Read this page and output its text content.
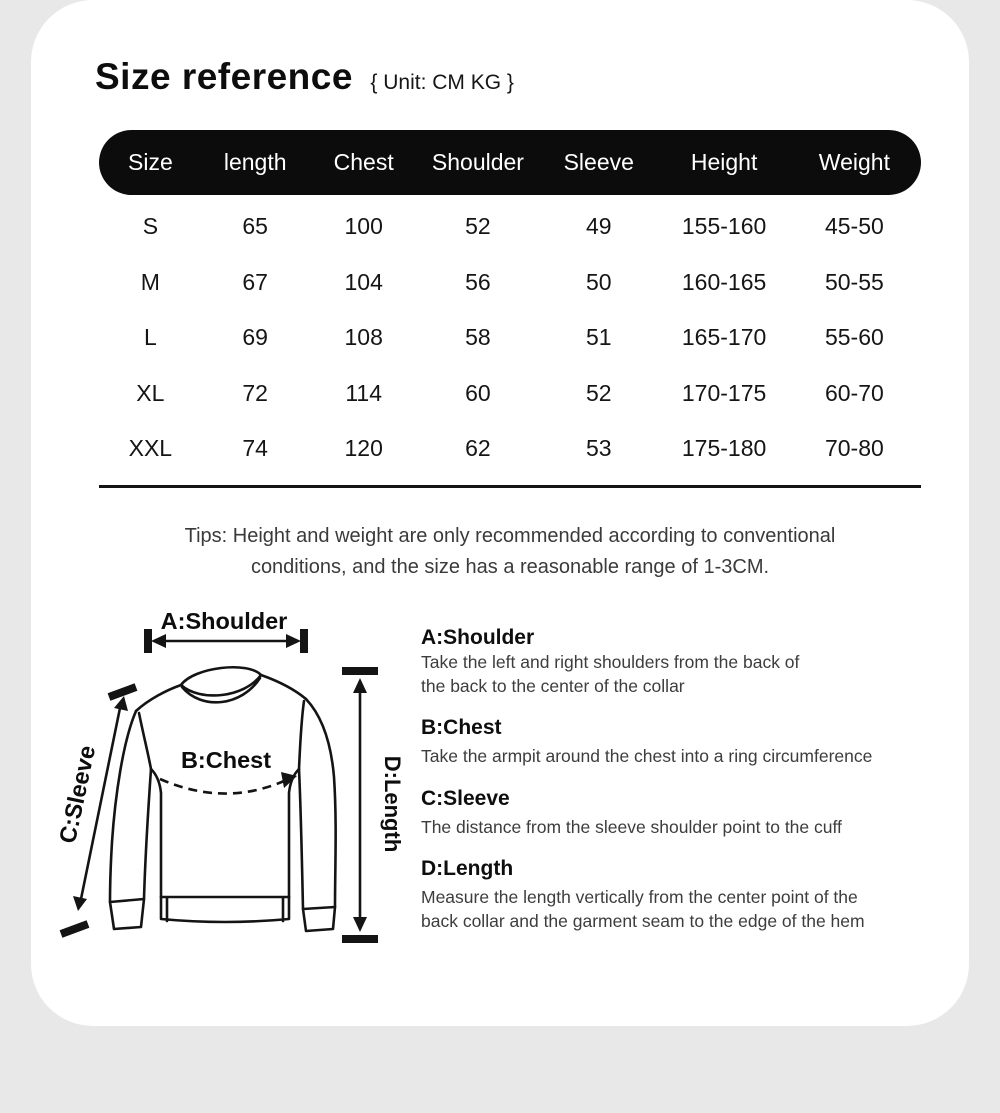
Size reference { Unit: CM KG }
Size	length	Chest	Shoulder	Sleeve	Height	Weight
S	65	100	52	49	155-160	45-50
M	67	104	56	50	160-165	50-55
L	69	108	58	51	165-170	55-60
XL	72	114	60	52	170-175	60-70
XXL	74	120	62	53	175-180	70-80

Tips: Height and weight are only recommended according to conventional
conditions, and the size has a reasonable range of 1-3CM.

A:Shoulder
D:Length
C:Sleeve	B:Chest
A:Shoulder
Take the left and right shoulders from the back of
the back to the center of the collar
B:Chest
Take the armpit around the chest into a ring circumference
C:Sleeve
The distance from the sleeve shoulder point to the cuff
D:Length
Measure the length vertically from the center point of the
back collar and the garment seam to the edge of the hem
